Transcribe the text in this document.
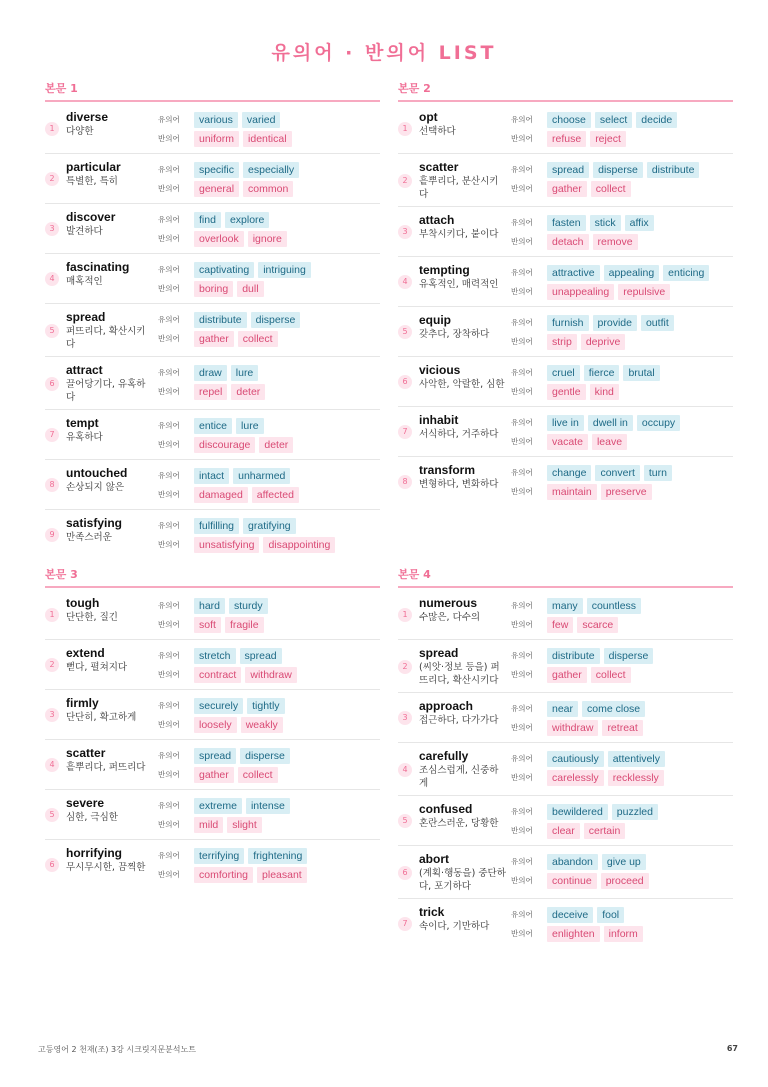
유의어 · 반의어 LIST
본문 1
1
diverse
다양한
유의어	various	varied
반의어	uniform	identical
2
particular
특별한, 특히
유의어	specific	especially
반의어	general	common
3
discover
발견하다
유의어	find	explore
반의어	overlook	ignore
4
fascinating
매혹적인
유의어	captivating	intriguing
반의어	boring	dull
5
spread
퍼뜨리다, 확산시키다
유의어	distribute	disperse
반의어	gather	collect
6
attract
끌어당기다, 유혹하다
유의어	draw	lure
반의어	repel	deter
7
tempt
유혹하다
유의어	entice	lure
반의어	discourage	deter
8
untouched
손상되지 않은
유의어	intact	unharmed
반의어	damaged	affected
9
satisfying
만족스러운
유의어	fulfilling	gratifying
반의어	unsatisfying	disappointing
본문 2
1
opt
선택하다
유의어	choose	select	decide
반의어	refuse	reject
2
scatter
흩뿌리다, 분산시키다
유의어	spread	disperse	distribute
반의어	gather	collect
3
attach
부착시키다, 붙이다
유의어	fasten	stick	affix
반의어	detach	remove
4
tempting
유혹적인, 매력적인
유의어	attractive	appealing	enticing
반의어	unappealing	repulsive
5
equip
갖추다, 장착하다
유의어	furnish	provide	outfit
반의어	strip	deprive
6
vicious
사악한, 악랄한, 심한
유의어	cruel	fierce	brutal
반의어	gentle	kind
7
inhabit
서식하다, 거주하다
유의어	live in	dwell in	occupy
반의어	vacate	leave
8
transform
변형하다, 변화하다
유의어	change	convert	turn
반의어	maintain	preserve
본문 3
1
tough
단단한, 질긴
유의어	hard	sturdy
반의어	soft	fragile
2
extend
뻗다, 펼쳐지다
유의어	stretch	spread
반의어	contract	withdraw
3
firmly
단단히, 확고하게
유의어	securely	tightly
반의어	loosely	weakly
4
scatter
흩뿌리다, 퍼뜨리다
유의어	spread	disperse
반의어	gather	collect
5
severe
심한, 극심한
유의어	extreme	intense
반의어	mild	slight
6
horrifying
무시무시한, 끔찍한
유의어	terrifying	frightening
반의어	comforting	pleasant
본문 4
1
numerous
수많은, 다수의
유의어	many	countless
반의어	few	scarce
2
spread
(씨앗·정보 등을) 퍼뜨리다, 확산시키다
유의어	distribute	disperse
반의어	gather	collect
3
approach
접근하다, 다가가다
유의어	near	come close
반의어	withdraw	retreat
4
carefully
조심스럽게, 신중하게
유의어	cautiously	attentively
반의어	carelessly	recklessly
5
confused
혼란스러운, 당황한
유의어	bewildered	puzzled
반의어	clear	certain
6
abort
(계획·행동을) 중단하다, 포기하다
유의어	abandon	give up
반의어	continue	proceed
7
trick
속이다, 기만하다
유의어	deceive	fool
반의어	enlighten	inform
고등영어 2 천재(조) 3강 시크릿지문분석노트	67
